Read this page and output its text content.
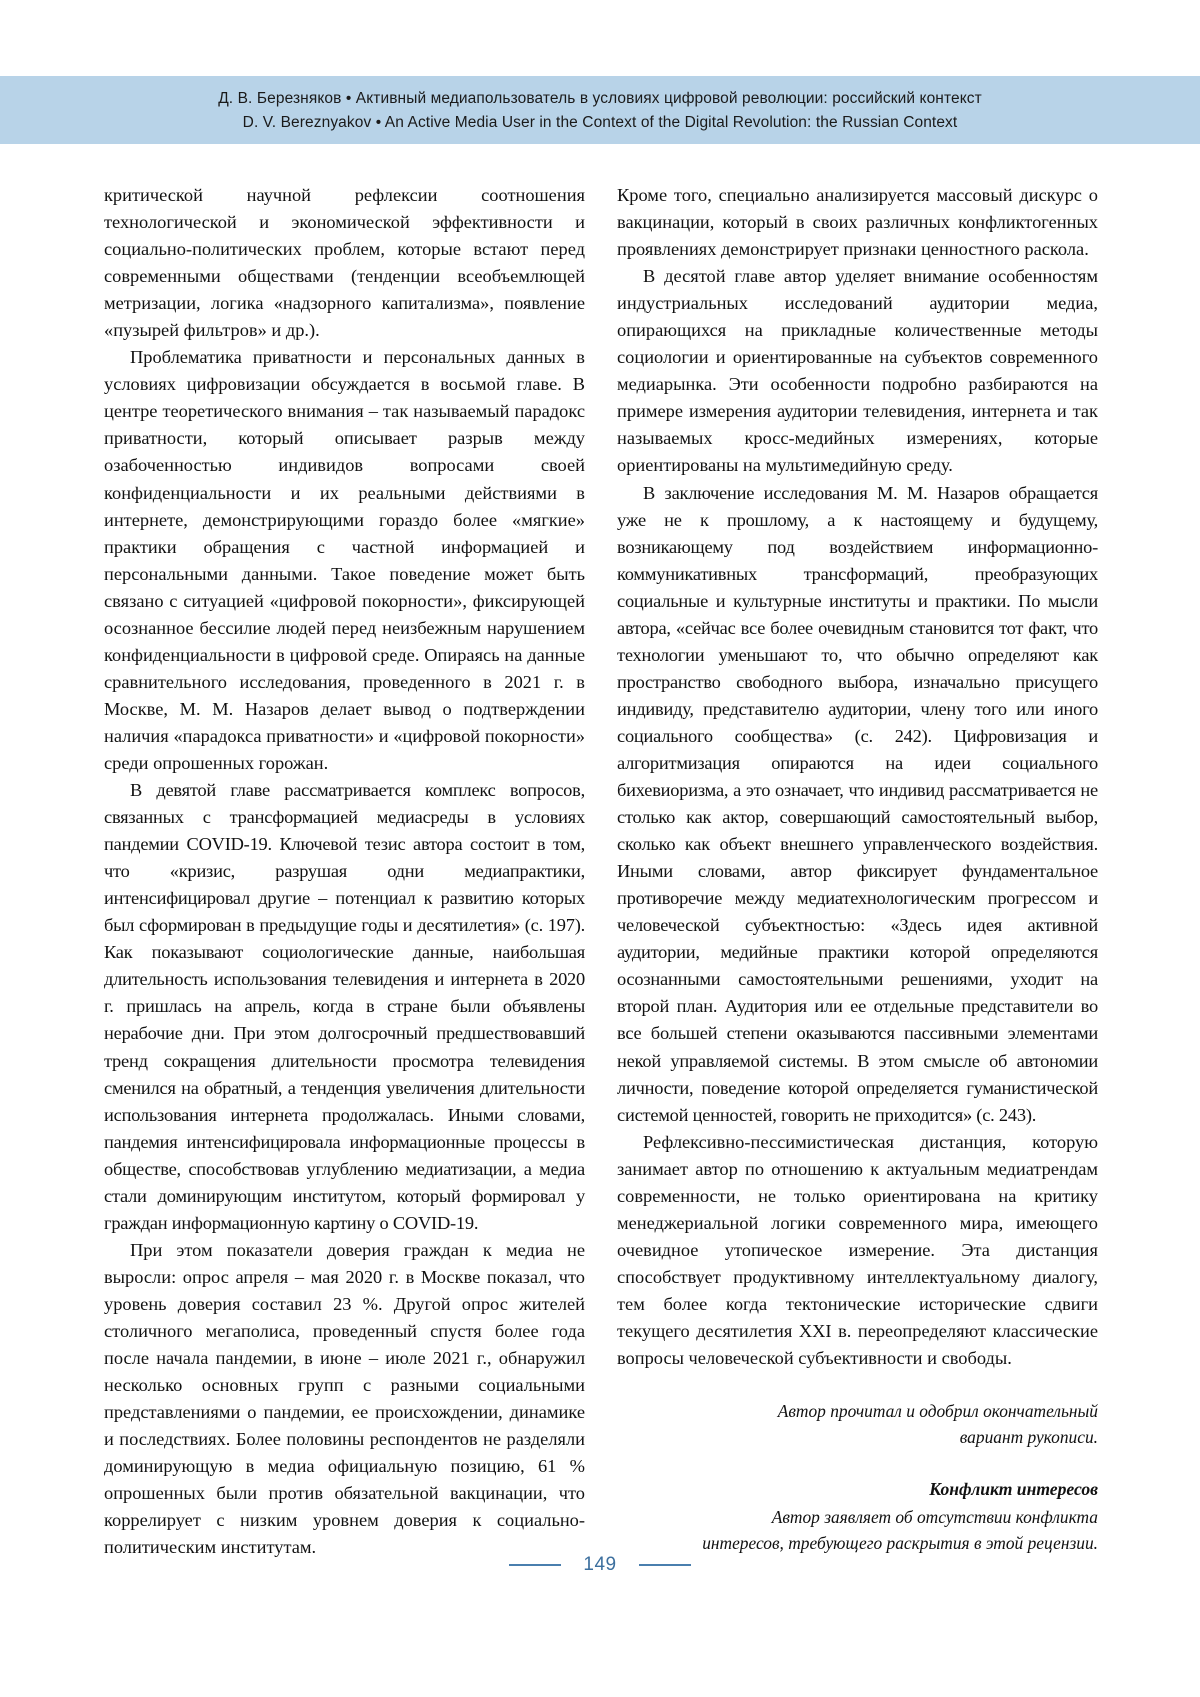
Д. В. Березняков • Активный медиапользователь в условиях цифровой революции: российский контекст
D. V. Bereznyakov • An Active Media User in the Context of the Digital Revolution: the Russian Context

критической научной рефлексии соотношения технологической и экономической эффективности и социально-политических проблем, которые встают перед современными обществами (тенденции всеобъемлющей метризации, логика «надзорного капитализма», появление «пузырей фильтров» и др.).

Проблематика приватности и персональных данных в условиях цифровизации обсуждается в восьмой главе. В центре теоретического внимания – так называемый парадокс приватности, который описывает разрыв между озабоченностью индивидов вопросами своей конфиденциальности и их реальными действиями в интернете, демонстрирующими гораздо более «мягкие» практики обращения с частной информацией и персональными данными. Такое поведение может быть связано с ситуацией «цифровой покорности», фиксирующей осознанное бессилие людей перед неизбежным нарушением конфиденциальности в цифровой среде. Опираясь на данные сравнительного исследования, проведенного в 2021 г. в Москве, М. М. Назаров делает вывод о подтверждении наличия «парадокса приватности» и «цифровой покорности» среди опрошенных горожан.

В девятой главе рассматривается комплекс вопросов, связанных с трансформацией медиасреды в условиях пандемии COVID-19. Ключевой тезис автора состоит в том, что «кризис, разрушая одни медиапрактики, интенсифицировал другие – потенциал к развитию которых был сформирован в предыдущие годы и десятилетия» (с. 197). Как показывают социологические данные, наибольшая длительность использования телевидения и интернета в 2020 г. пришлась на апрель, когда в стране были объявлены нерабочие дни. При этом долгосрочный предшествовавший тренд сокращения длительности просмотра телевидения сменился на обратный, а тенденция увеличения длительности использования интернета продолжалась. Иными словами, пандемия интенсифицировала информационные процессы в обществе, способствовав углублению медиатизации, а медиа стали доминирующим институтом, который формировал у граждан информационную картину о COVID-19.

При этом показатели доверия граждан к медиа не выросли: опрос апреля – мая 2020 г. в Москве показал, что уровень доверия составил 23 %. Другой опрос жителей столичного мегаполиса, проведенный спустя более года после начала пандемии, в июне – июле 2021 г., обнаружил несколько основных групп с разными социальными представлениями о пандемии, ее происхождении, динамике и последствиях. Более половины респондентов не разделяли доминирующую в медиа официальную позицию, 61 % опрошенных были против обязательной вакцинации, что коррелирует с низким уровнем доверия к социально-политическим институтам.

Кроме того, специально анализируется массовый дискурс о вакцинации, который в своих различных конфликтогенных проявлениях демонстрирует признаки ценностного раскола.

В десятой главе автор уделяет внимание особенностям индустриальных исследований аудитории медиа, опирающихся на прикладные количественные методы социологии и ориентированные на субъектов современного медиарынка. Эти особенности подробно разбираются на примере измерения аудитории телевидения, интернета и так называемых кросс-медийных измерениях, которые ориентированы на мультимедийную среду.

В заключение исследования М. М. Назаров обращается уже не к прошлому, а к настоящему и будущему, возникающему под воздействием информационно-коммуникативных трансформаций, преобразующих социальные и культурные институты и практики. По мысли автора, «сейчас все более очевидным становится тот факт, что технологии уменьшают то, что обычно определяют как пространство свободного выбора, изначально присущего индивиду, представителю аудитории, члену того или иного социального сообщества» (с. 242). Цифровизация и алгоритмизация опираются на идеи социального бихевиоризма, а это означает, что индивид рассматривается не столько как актор, совершающий самостоятельный выбор, сколько как объект внешнего управленческого воздействия. Иными словами, автор фиксирует фундаментальное противоречие между медиатехнологическим прогрессом и человеческой субъектностью: «Здесь идея активной аудитории, медийные практики которой определяются осознанными самостоятельными решениями, уходит на второй план. Аудитория или ее отдельные представители во все большей степени оказываются пассивными элементами некой управляемой системы. В этом смысле об автономии личности, поведение которой определяется гуманистической системой ценностей, говорить не приходится» (с. 243).

Рефлексивно-пессимистическая дистанция, которую занимает автор по отношению к актуальным медиатрендам современности, не только ориентирована на критику менеджериальной логики современного мира, имеющего очевидное утопическое измерение. Эта дистанция способствует продуктивному интеллектуальному диалогу, тем более когда тектонические исторические сдвиги текущего десятилетия XXI в. переопределяют классические вопросы человеческой субъективности и свободы.

Автор прочитал и одобрил окончательный
вариант рукописи.
Конфликт интересов
Автор заявляет об отсутствии конфликта
интересов, требующего раскрытия в этой рецензии.
149
